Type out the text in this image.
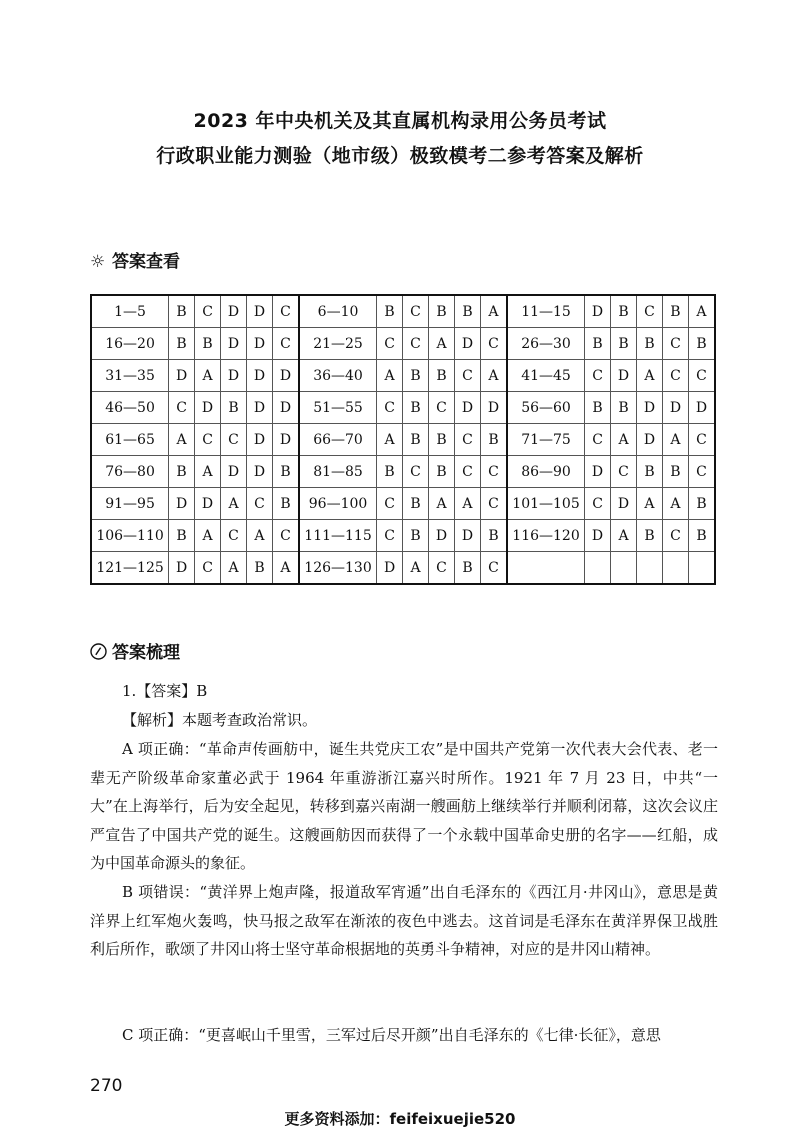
2023 年中央机关及其直属机构录用公务员考试
行政职业能力测验（地市级）极致模考二参考答案及解析
☼ 答案查看
1—5	B	C	D	D	C	6—10	B	C	B	B	A	11—15	D	B	C	B	A
16—20	B	B	D	D	C	21—25	C	C	A	D	C	26—30	B	B	B	C	B
31—35	D	A	D	D	D	36—40	A	B	B	C	A	41—45	C	D	A	C	C
46—50	C	D	B	D	D	51—55	C	B	C	D	D	56—60	B	B	D	D	D
61—65	A	C	C	D	D	66—70	A	B	B	C	B	71—75	C	A	D	A	C
76—80	B	A	D	D	B	81—85	B	C	B	C	C	86—90	D	C	B	B	C
91—95	D	D	A	C	B	96—100	C	B	A	A	C	101—105	C	D	A	A	B
106—110	B	A	C	A	C	111—115	C	B	D	D	B	116—120	D	A	B	C	B
121—125	D	C	A	B	A	126—130	D	A	C	B	C						
答案梳理
1.【答案】B
【解析】本题考查政治常识。
A 项正确：“革命声传画舫中，诞生共党庆工农”是中国共产党第一次代表大会代表、老一辈无产阶级革命家董必武于 1964 年重游浙江嘉兴时所作。1921 年 7 月 23 日，中共“一大”在上海举行，后为安全起见，转移到嘉兴南湖一艘画舫上继续举行并顺利闭幕，这次会议庄严宣告了中国共产党的诞生。这艘画舫因而获得了一个永载中国革命史册的名字——红船，成为中国革命源头的象征。
B 项错误：“黄洋界上炮声隆，报道敌军宵遁”出自毛泽东的《西江月·井冈山》，意思是黄洋界上红军炮火轰鸣，快马报之敌军在渐浓的夜色中逃去。这首词是毛泽东在黄洋界保卫战胜利后所作，歌颂了井冈山将士坚守革命根据地的英勇斗争精神，对应的是井冈山精神。
C 项正确：“更喜岷山千里雪，三军过后尽开颜”出自毛泽东的《七律·长征》，意思
270
更多资料添加：feifeixuejie520
